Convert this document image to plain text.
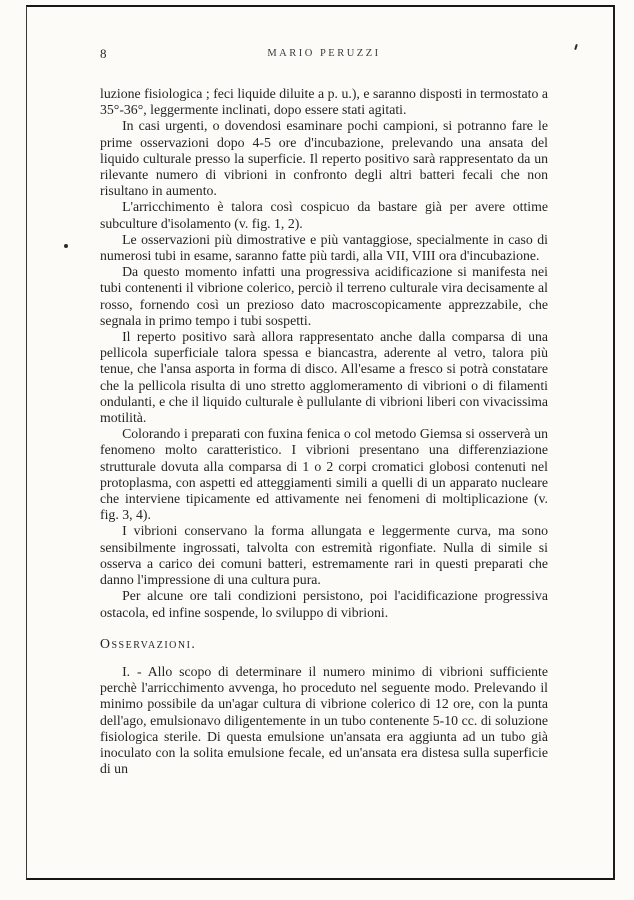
8	MARIO PERUZZI

luzione fisiologica ; feci liquide diluite a p. u.), e saranno disposti in termostato a 35°-36°, leggermente inclinati, dopo essere stati agitati.

In casi urgenti, o dovendosi esaminare pochi campioni, si potranno fare le prime osservazioni dopo 4-5 ore d'incubazione, prelevando una ansata del liquido culturale presso la superficie. Il reperto positivo sarà rappresentato da un rilevante numero di vibrioni in confronto degli altri batteri fecali che non risultano in aumento.

L'arricchimento è talora così cospicuo da bastare già per avere ottime subculture d'isolamento (v. fig. 1, 2).

Le osservazioni più dimostrative e più vantaggiose, specialmente in caso di numerosi tubi in esame, saranno fatte più tardi, alla VII, VIII ora d'incubazione.

Da questo momento infatti una progressiva acidificazione si manifesta nei tubi contenenti il vibrione colerico, perciò il terreno culturale vira decisamente al rosso, fornendo così un prezioso dato macroscopicamente apprezzabile, che segnala in primo tempo i tubi sospetti.

Il reperto positivo sarà allora rappresentato anche dalla comparsa di una pellicola superficiale talora spessa e biancastra, aderente al vetro, talora più tenue, che l'ansa asporta in forma di disco. All'esame a fresco si potrà constatare che la pellicola risulta di uno stretto agglomeramento di vibrioni o di filamenti ondulanti, e che il liquido culturale è pullulante di vibrioni liberi con vivacissima motilità.

Colorando i preparati con fuxina fenica o col metodo Giemsa si osserverà un fenomeno molto caratteristico. I vibrioni presentano una differenziazione strutturale dovuta alla comparsa di 1 o 2 corpi cromatici globosi contenuti nel protoplasma, con aspetti ed atteggiamenti simili a quelli di un apparato nucleare che interviene tipicamente ed attivamente nei fenomeni di moltiplicazione (v. fig. 3, 4).

I vibrioni conservano la forma allungata e leggermente curva, ma sono sensibilmente ingrossati, talvolta con estremità rigonfiate. Nulla di simile si osserva a carico dei comuni batteri, estremamente rari in questi preparati che danno l'impressione di una cultura pura.

Per alcune ore tali condizioni persistono, poi l'acidificazione progressiva ostacola, ed infine sospende, lo sviluppo di vibrioni.

Osservazioni.

I. - Allo scopo di determinare il numero minimo di vibrioni sufficiente perchè l'arricchimento avvenga, ho proceduto nel seguente modo. Prelevando il minimo possibile da un'agar cultura di vibrione colerico di 12 ore, con la punta dell'ago, emulsionavo diligentemente in un tubo contenente 5-10 cc. di soluzione fisiologica sterile. Di questa emulsione un'ansata era aggiunta ad un tubo già inoculato con la solita emulsione fecale, ed un'ansata era distesa sulla superficie di un
